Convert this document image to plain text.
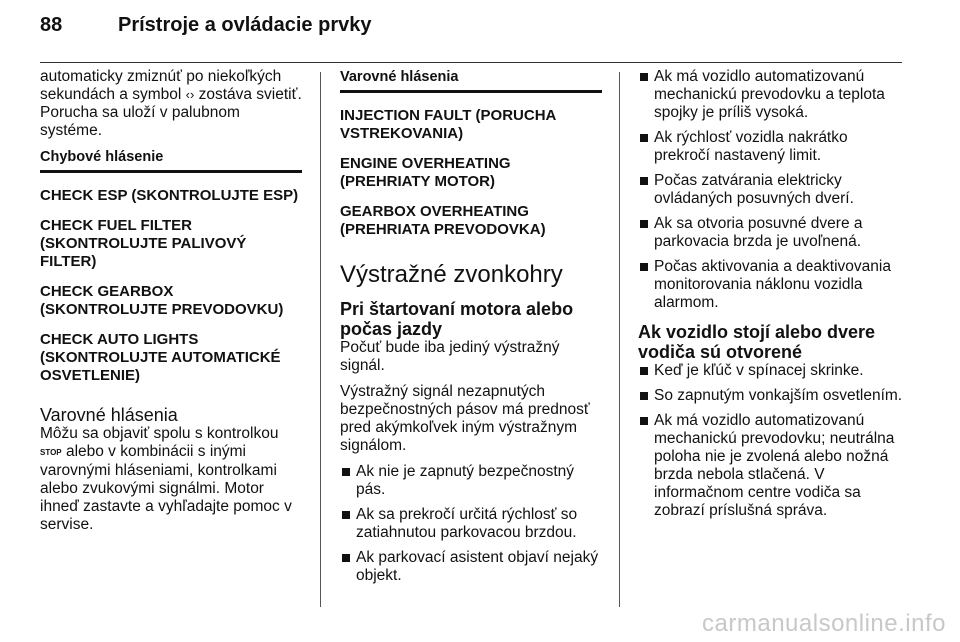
88	Prístroje a ovládacie prvky

automaticky zmiznúť po niekoľkých sekundách a symbol ‹› zostáva svietiť. Porucha sa uloží v palubnom systéme.

Chybové hlásenie
CHECK ESP (SKONTROLUJTE ESP)
CHECK FUEL FILTER (SKONTROLUJTE PALIVOVÝ FILTER)
CHECK GEARBOX (SKONTROLUJTE PREVODOVKU)
CHECK AUTO LIGHTS (SKONTROLUJTE AUTOMATICKÉ OSVETLENIE)
Varovné hlásenia

Môžu sa objaviť spolu s kontrolkou STOP alebo v kombinácii s inými varovnými hláseniami, kontrolkami alebo zvukovými signálmi. Motor ihneď zastavte a vyhľadajte pomoc v servise.

Varovné hlásenia
INJECTION FAULT (PORUCHA VSTREKOVANIA)
ENGINE OVERHEATING (PREHRIATY MOTOR)
GEARBOX OVERHEATING (PREHRIATA PREVODOVKA)
Výstražné zvonkohry
Pri štartovaní motora alebo počas jazdy

Počuť bude iba jediný výstražný signál.

Výstražný signál nezapnutých bezpečnostných pásov má prednosť pred akýmkoľvek iným výstražnym signálom.

Ak nie je zapnutý bezpečnostný pás.
Ak sa prekročí určitá rýchlosť so zatiahnutou parkovacou brzdou.
Ak parkovací asistent objaví nejaký objekt.
Ak má vozidlo automatizovanú mechanickú prevodovku a teplota spojky je príliš vysoká.
Ak rýchlosť vozidla nakrátko prekročí nastavený limit.
Počas zatvárania elektricky ovládaných posuvných dverí.
Ak sa otvoria posuvné dvere a parkovacia brzda je uvoľnená.
Počas aktivovania a deaktivovania monitorovania náklonu vozidla alarmom.
Ak vozidlo stojí alebo dvere vodiča sú otvorené
Keď je kľúč v spínacej skrinke.
So zapnutým vonkajším osvetlením.
Ak má vozidlo automatizovanú mechanickú prevodovku; neutrálna poloha nie je zvolená alebo nožná brzda nebola stlačená. V informačnom centre vodiča sa zobrazí príslušná správa.
carmanualsonline.info
